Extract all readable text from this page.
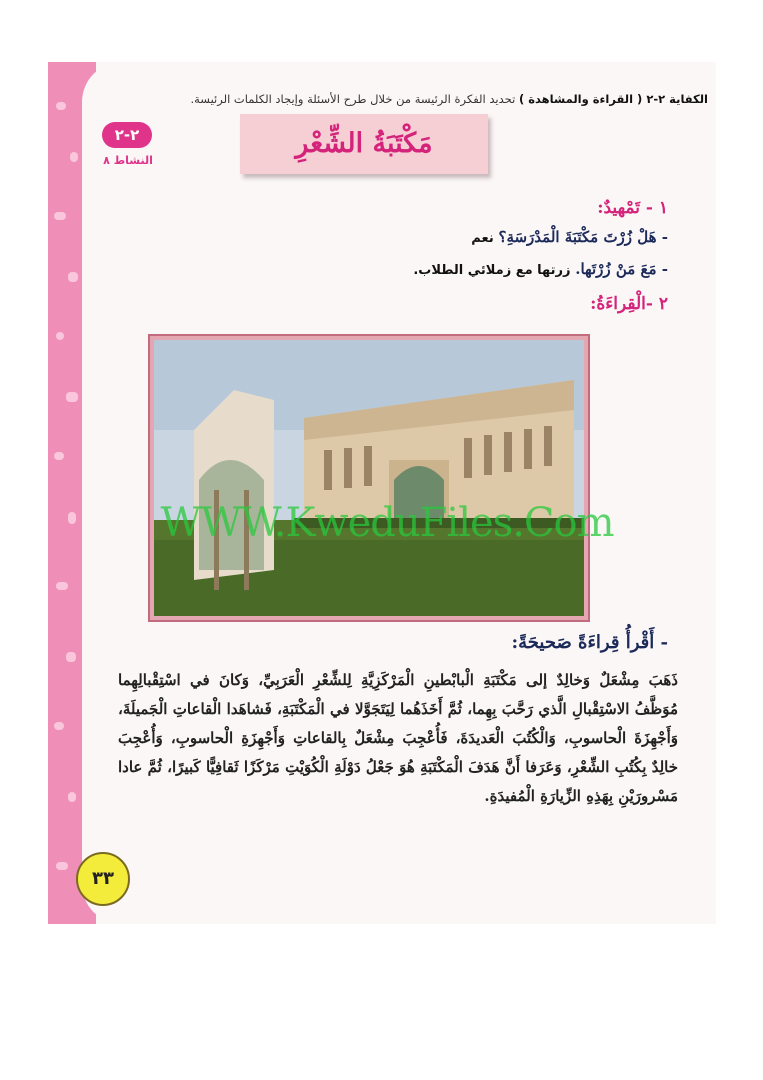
الكفاية ٢-٢ ( القراءة والمشاهدة ) تحديد الفكرة الرئيسة من خلال طرح الأسئلة وإيجاد الكلمات الرئيسة.
٢-٢
النشاط ٨
مَكْتَبَةُ الشِّعْرِ
١ - تَمْهيدٌ:
- هَلْ زُرْتَ مَكْتَبَةَ الْمَدْرَسَةِ؟ نعم
- مَعَ مَنْ زُرْتَها. زرتها مع زملائي الطلاب.
٢ -الْقِراءَةُ:
WWW.KweduFiles.Com
- أَقْرأُ قِراءَةً صَحيحَةً:
ذَهَبَ مِشْعَلٌ وَخالِدٌ إلى مَكْتَبَةِ الْبابْطينِ الْمَرْكَزِيَّةِ لِلشِّعْرِ الْعَرَبِيِّ، وَكانَ في اسْتِقْبالِهِما مُوَظَّفُ الاسْتِقْبالِ الَّذي رَحَّبَ بِهِما، ثُمَّ أَخَذَهُما لِيَتَجَوَّلا في الْمَكْتَبَةِ، فَشاهَدا الْقاعاتِ الْجَميلَةَ، وَأَجْهِزَةَ الْحاسوبِ، وَالْكُتُبَ الْعَديدَةَ، فَأُعْجِبَ مِشْعَلٌ بِالقاعاتِ وَأَجْهِزَةِ الْحاسوبِ، وَأُعْجِبَ خالِدٌ بِكُتُبِ الشِّعْرِ، وَعَرَفا أَنَّ هَدَفَ الْمَكْتَبَةِ هُوَ جَعْلُ دَوْلَةِ الْكُوَيْتِ مَرْكَزًا ثَقافِيًّا كَبيرًا، ثُمَّ عادا مَسْرورَيْنِ بِهَذِهِ الزِّيارَةِ الْمُفيدَةِ.
٣٣
